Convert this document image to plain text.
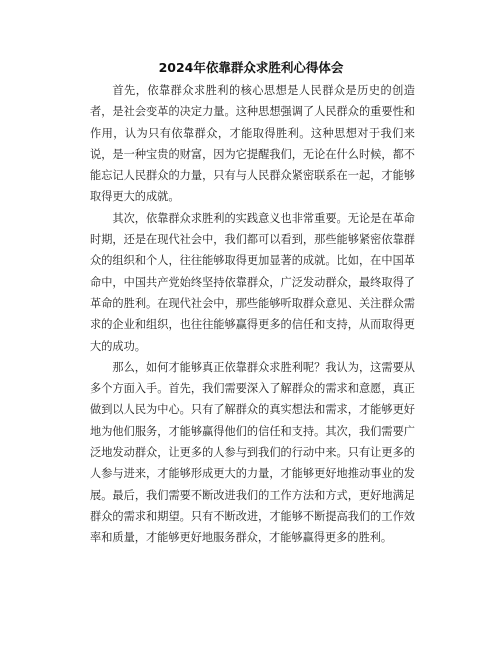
2024年依靠群众求胜利心得体会

首先，依靠群众求胜利的核心思想是人民群众是历史的创造者，是社会变革的决定力量。这种思想强调了人民群众的重要性和作用，认为只有依靠群众，才能取得胜利。这种思想对于我们来说，是一种宝贵的财富，因为它提醒我们，无论在什么时候，都不能忘记人民群众的力量，只有与人民群众紧密联系在一起，才能够取得更大的成就。

其次，依靠群众求胜利的实践意义也非常重要。无论是在革命时期，还是在现代社会中，我们都可以看到，那些能够紧密依靠群众的组织和个人，往往能够取得更加显著的成就。比如，在中国革命中，中国共产党始终坚持依靠群众，广泛发动群众，最终取得了革命的胜利。在现代社会中，那些能够听取群众意见、关注群众需求的企业和组织，也往往能够赢得更多的信任和支持，从而取得更大的成功。

那么，如何才能够真正依靠群众求胜利呢？我认为，这需要从多个方面入手。首先，我们需要深入了解群众的需求和意愿，真正做到以人民为中心。只有了解群众的真实想法和需求，才能够更好地为他们服务，才能够赢得他们的信任和支持。其次，我们需要广泛地发动群众，让更多的人参与到我们的行动中来。只有让更多的人参与进来，才能够形成更大的力量，才能够更好地推动事业的发展。最后，我们需要不断改进我们的工作方法和方式，更好地满足群众的需求和期望。只有不断改进，才能够不断提高我们的工作效率和质量，才能够更好地服务群众，才能够赢得更多的胜利。
